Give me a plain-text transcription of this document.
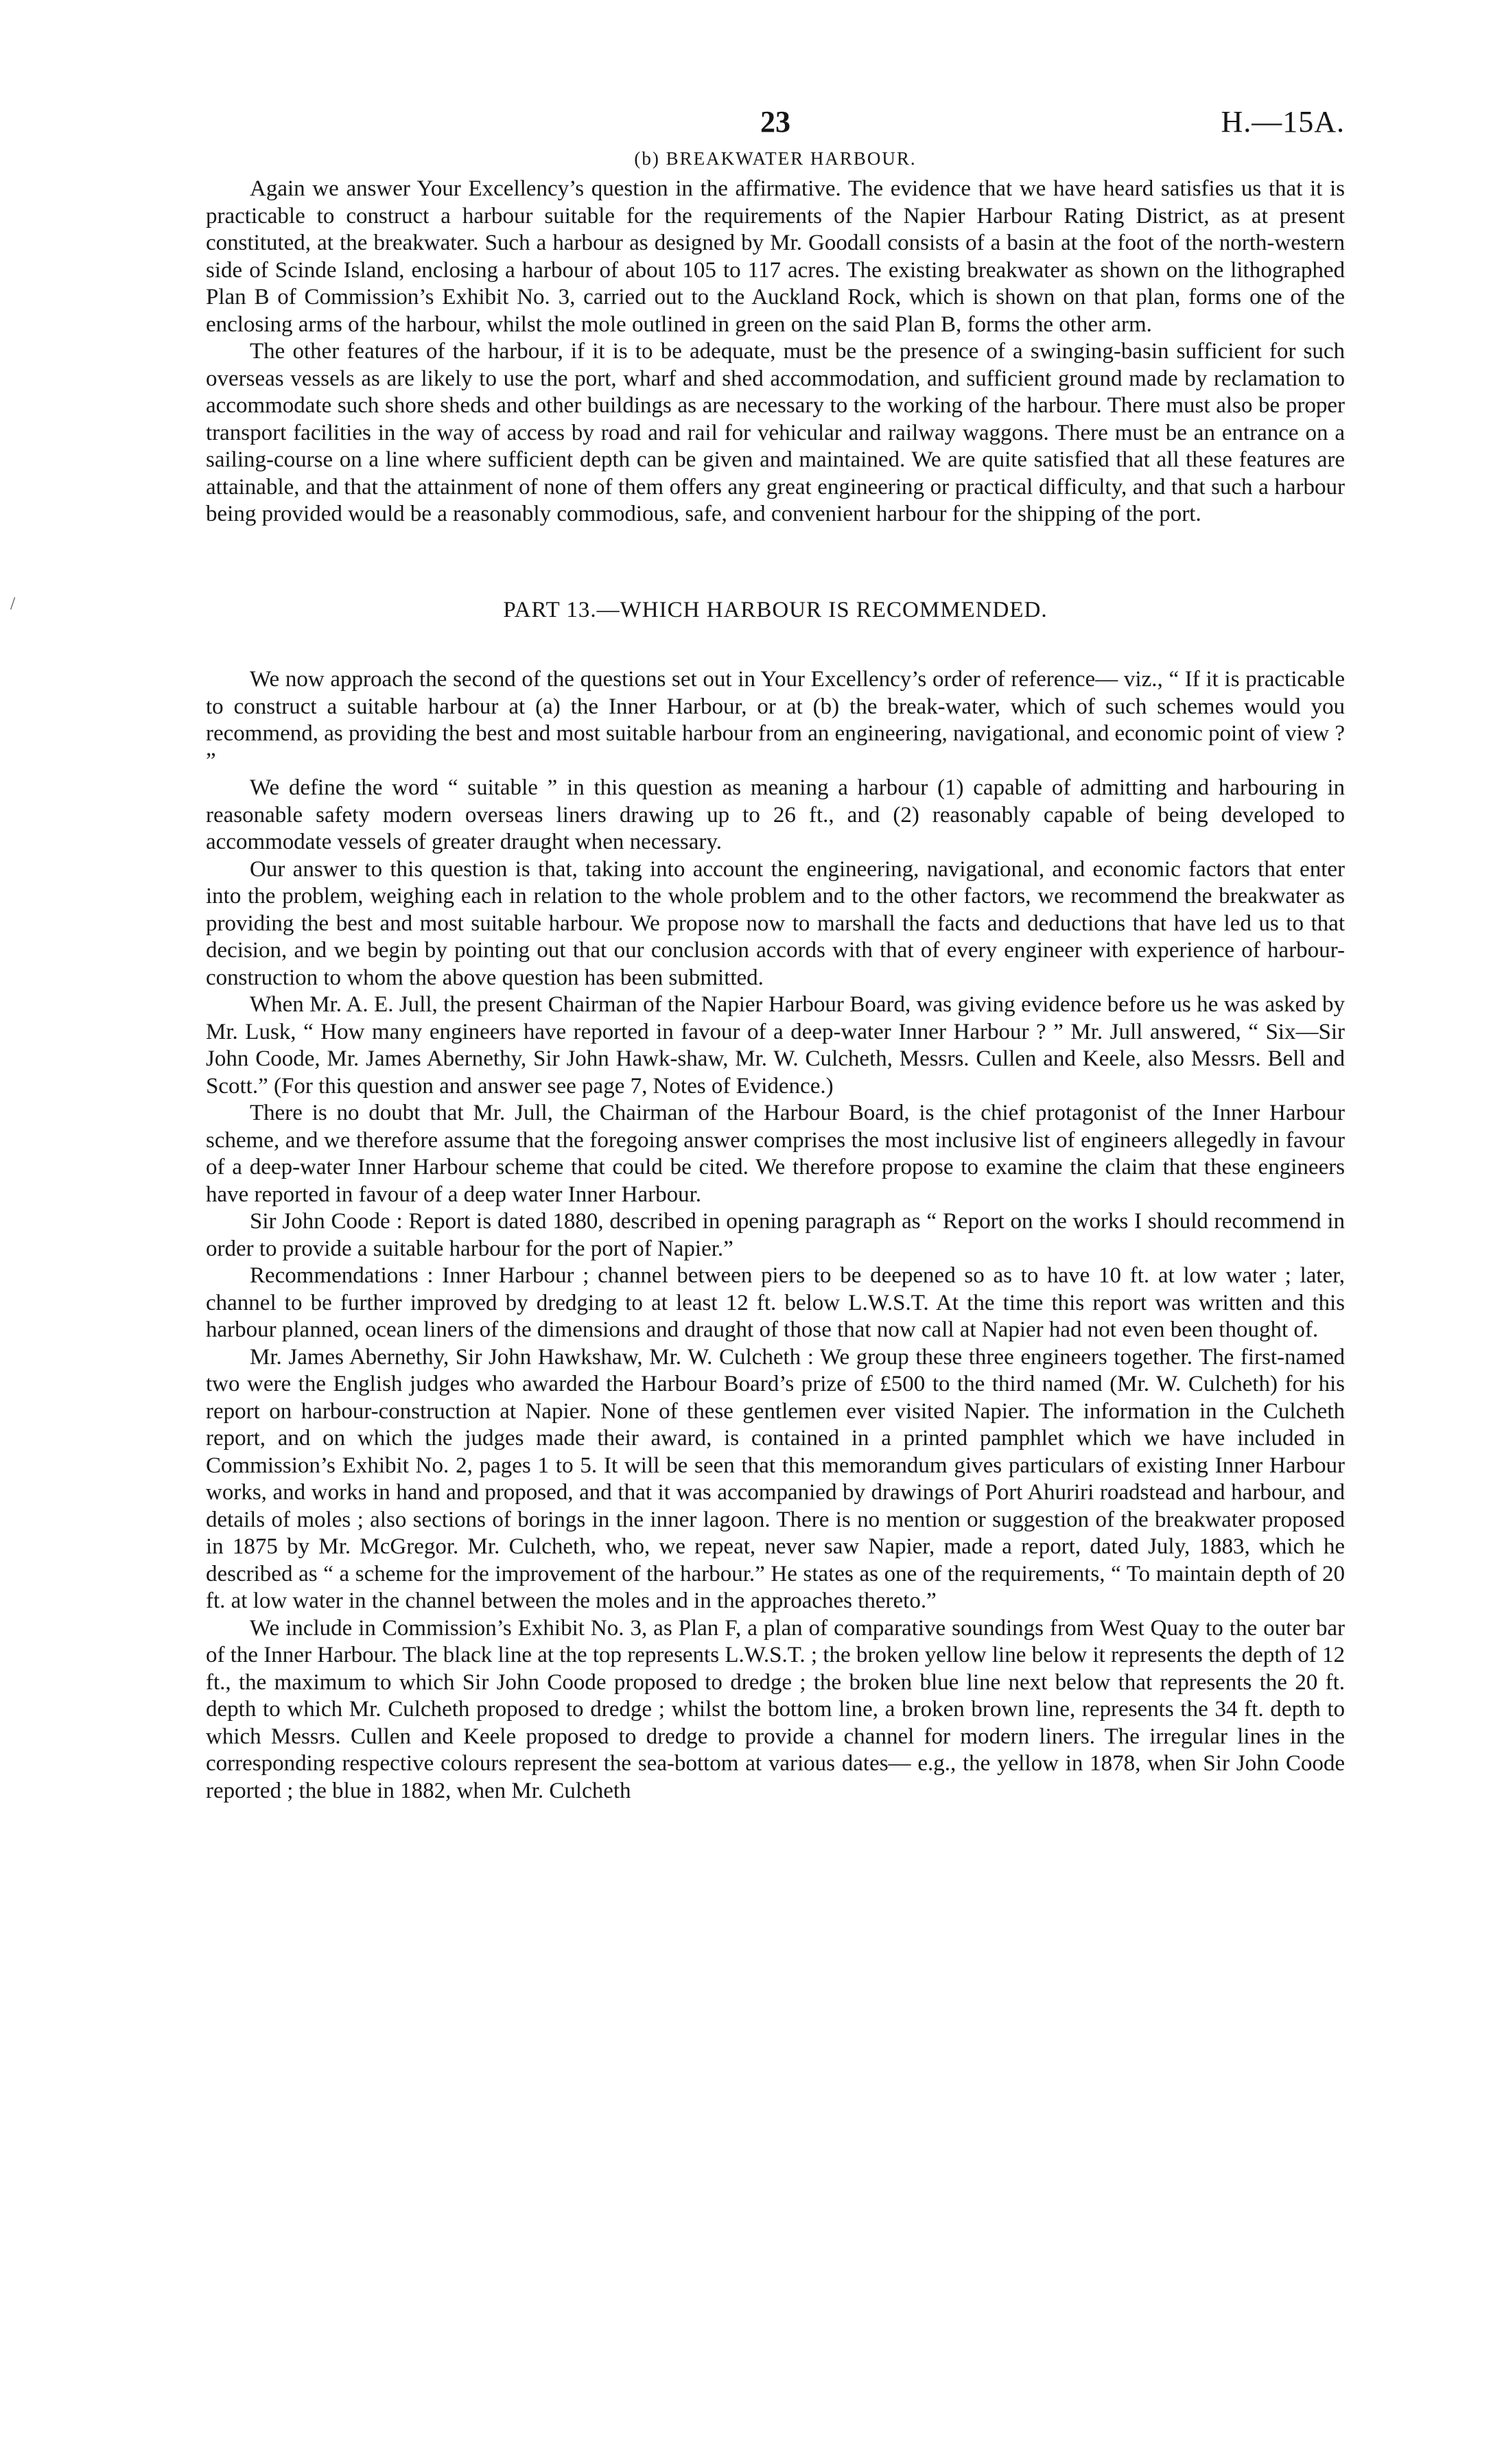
23	H.—15A.
(b) BREAKWATER HARBOUR.
/

Again we answer Your Excellency’s question in the affirmative. The evidence that we have heard satisfies us that it is practicable to construct a harbour suitable for the requirements of the Napier Harbour Rating District, as at present constituted, at the breakwater. Such a harbour as designed by Mr. Goodall consists of a basin at the foot of the north-western side of Scinde Island, enclosing a harbour of about 105 to 117 acres. The existing breakwater as shown on the lithographed Plan B of Commission’s Exhibit No. 3, carried out to the Auckland Rock, which is shown on that plan, forms one of the enclosing arms of the harbour, whilst the mole outlined in green on the said Plan B, forms the other arm.

The other features of the harbour, if it is to be adequate, must be the presence of a swinging-basin sufficient for such overseas vessels as are likely to use the port, wharf and shed accommodation, and sufficient ground made by reclamation to accommodate such shore sheds and other buildings as are necessary to the working of the harbour. There must also be proper transport facilities in the way of access by road and rail for vehicular and railway waggons. There must be an entrance on a sailing-course on a line where sufficient depth can be given and maintained. We are quite satisfied that all these features are attainable, and that the attainment of none of them offers any great engineering or practical difficulty, and that such a harbour being provided would be a reasonably commodious, safe, and convenient harbour for the shipping of the port.

PART 13.—WHICH HARBOUR IS RECOMMENDED.

We now approach the second of the questions set out in Your Excellency’s order of reference— viz., “ If it is practicable to construct a suitable harbour at (a) the Inner Harbour, or at (b) the break-water, which of such schemes would you recommend, as providing the best and most suitable harbour from an engineering, navigational, and economic point of view ? ”

We define the word “ suitable ” in this question as meaning a harbour (1) capable of admitting and harbouring in reasonable safety modern overseas liners drawing up to 26 ft., and (2) reasonably capable of being developed to accommodate vessels of greater draught when necessary.

Our answer to this question is that, taking into account the engineering, navigational, and economic factors that enter into the problem, weighing each in relation to the whole problem and to the other factors, we recommend the breakwater as providing the best and most suitable harbour. We propose now to marshall the facts and deductions that have led us to that decision, and we begin by pointing out that our conclusion accords with that of every engineer with experience of harbour-construction to whom the above question has been submitted.

When Mr. A. E. Jull, the present Chairman of the Napier Harbour Board, was giving evidence before us he was asked by Mr. Lusk, “ How many engineers have reported in favour of a deep-water Inner Harbour ? ” Mr. Jull answered, “ Six—Sir John Coode, Mr. James Abernethy, Sir John Hawk-shaw, Mr. W. Culcheth, Messrs. Cullen and Keele, also Messrs. Bell and Scott.” (For this question and answer see page 7, Notes of Evidence.)

There is no doubt that Mr. Jull, the Chairman of the Harbour Board, is the chief protagonist of the Inner Harbour scheme, and we therefore assume that the foregoing answer comprises the most inclusive list of engineers allegedly in favour of a deep-water Inner Harbour scheme that could be cited. We therefore propose to examine the claim that these engineers have reported in favour of a deep water Inner Harbour.

Sir John Coode : Report is dated 1880, described in opening paragraph as “ Report on the works I should recommend in order to provide a suitable harbour for the port of Napier.”

Recommendations : Inner Harbour ; channel between piers to be deepened so as to have 10 ft. at low water ; later, channel to be further improved by dredging to at least 12 ft. below L.W.S.T. At the time this report was written and this harbour planned, ocean liners of the dimensions and draught of those that now call at Napier had not even been thought of.

Mr. James Abernethy, Sir John Hawkshaw, Mr. W. Culcheth : We group these three engineers together. The first-named two were the English judges who awarded the Harbour Board’s prize of £500 to the third named (Mr. W. Culcheth) for his report on harbour-construction at Napier. None of these gentlemen ever visited Napier. The information in the Culcheth report, and on which the judges made their award, is contained in a printed pamphlet which we have included in Commission’s Exhibit No. 2, pages 1 to 5. It will be seen that this memorandum gives particulars of existing Inner Harbour works, and works in hand and proposed, and that it was accompanied by drawings of Port Ahuriri roadstead and harbour, and details of moles ; also sections of borings in the inner lagoon. There is no mention or suggestion of the breakwater proposed in 1875 by Mr. McGregor. Mr. Culcheth, who, we repeat, never saw Napier, made a report, dated July, 1883, which he described as “ a scheme for the improvement of the harbour.” He states as one of the requirements, “ To maintain depth of 20 ft. at low water in the channel between the moles and in the approaches thereto.”

We include in Commission’s Exhibit No. 3, as Plan F, a plan of comparative soundings from West Quay to the outer bar of the Inner Harbour. The black line at the top represents L.W.S.T. ; the broken yellow line below it represents the depth of 12 ft., the maximum to which Sir John Coode proposed to dredge ; the broken blue line next below that represents the 20 ft. depth to which Mr. Culcheth proposed to dredge ; whilst the bottom line, a broken brown line, represents the 34 ft. depth to which Messrs. Cullen and Keele proposed to dredge to provide a channel for modern liners. The irregular lines in the corresponding respective colours represent the sea-bottom at various dates— e.g., the yellow in 1878, when Sir John Coode reported ; the blue in 1882, when Mr. Culcheth
